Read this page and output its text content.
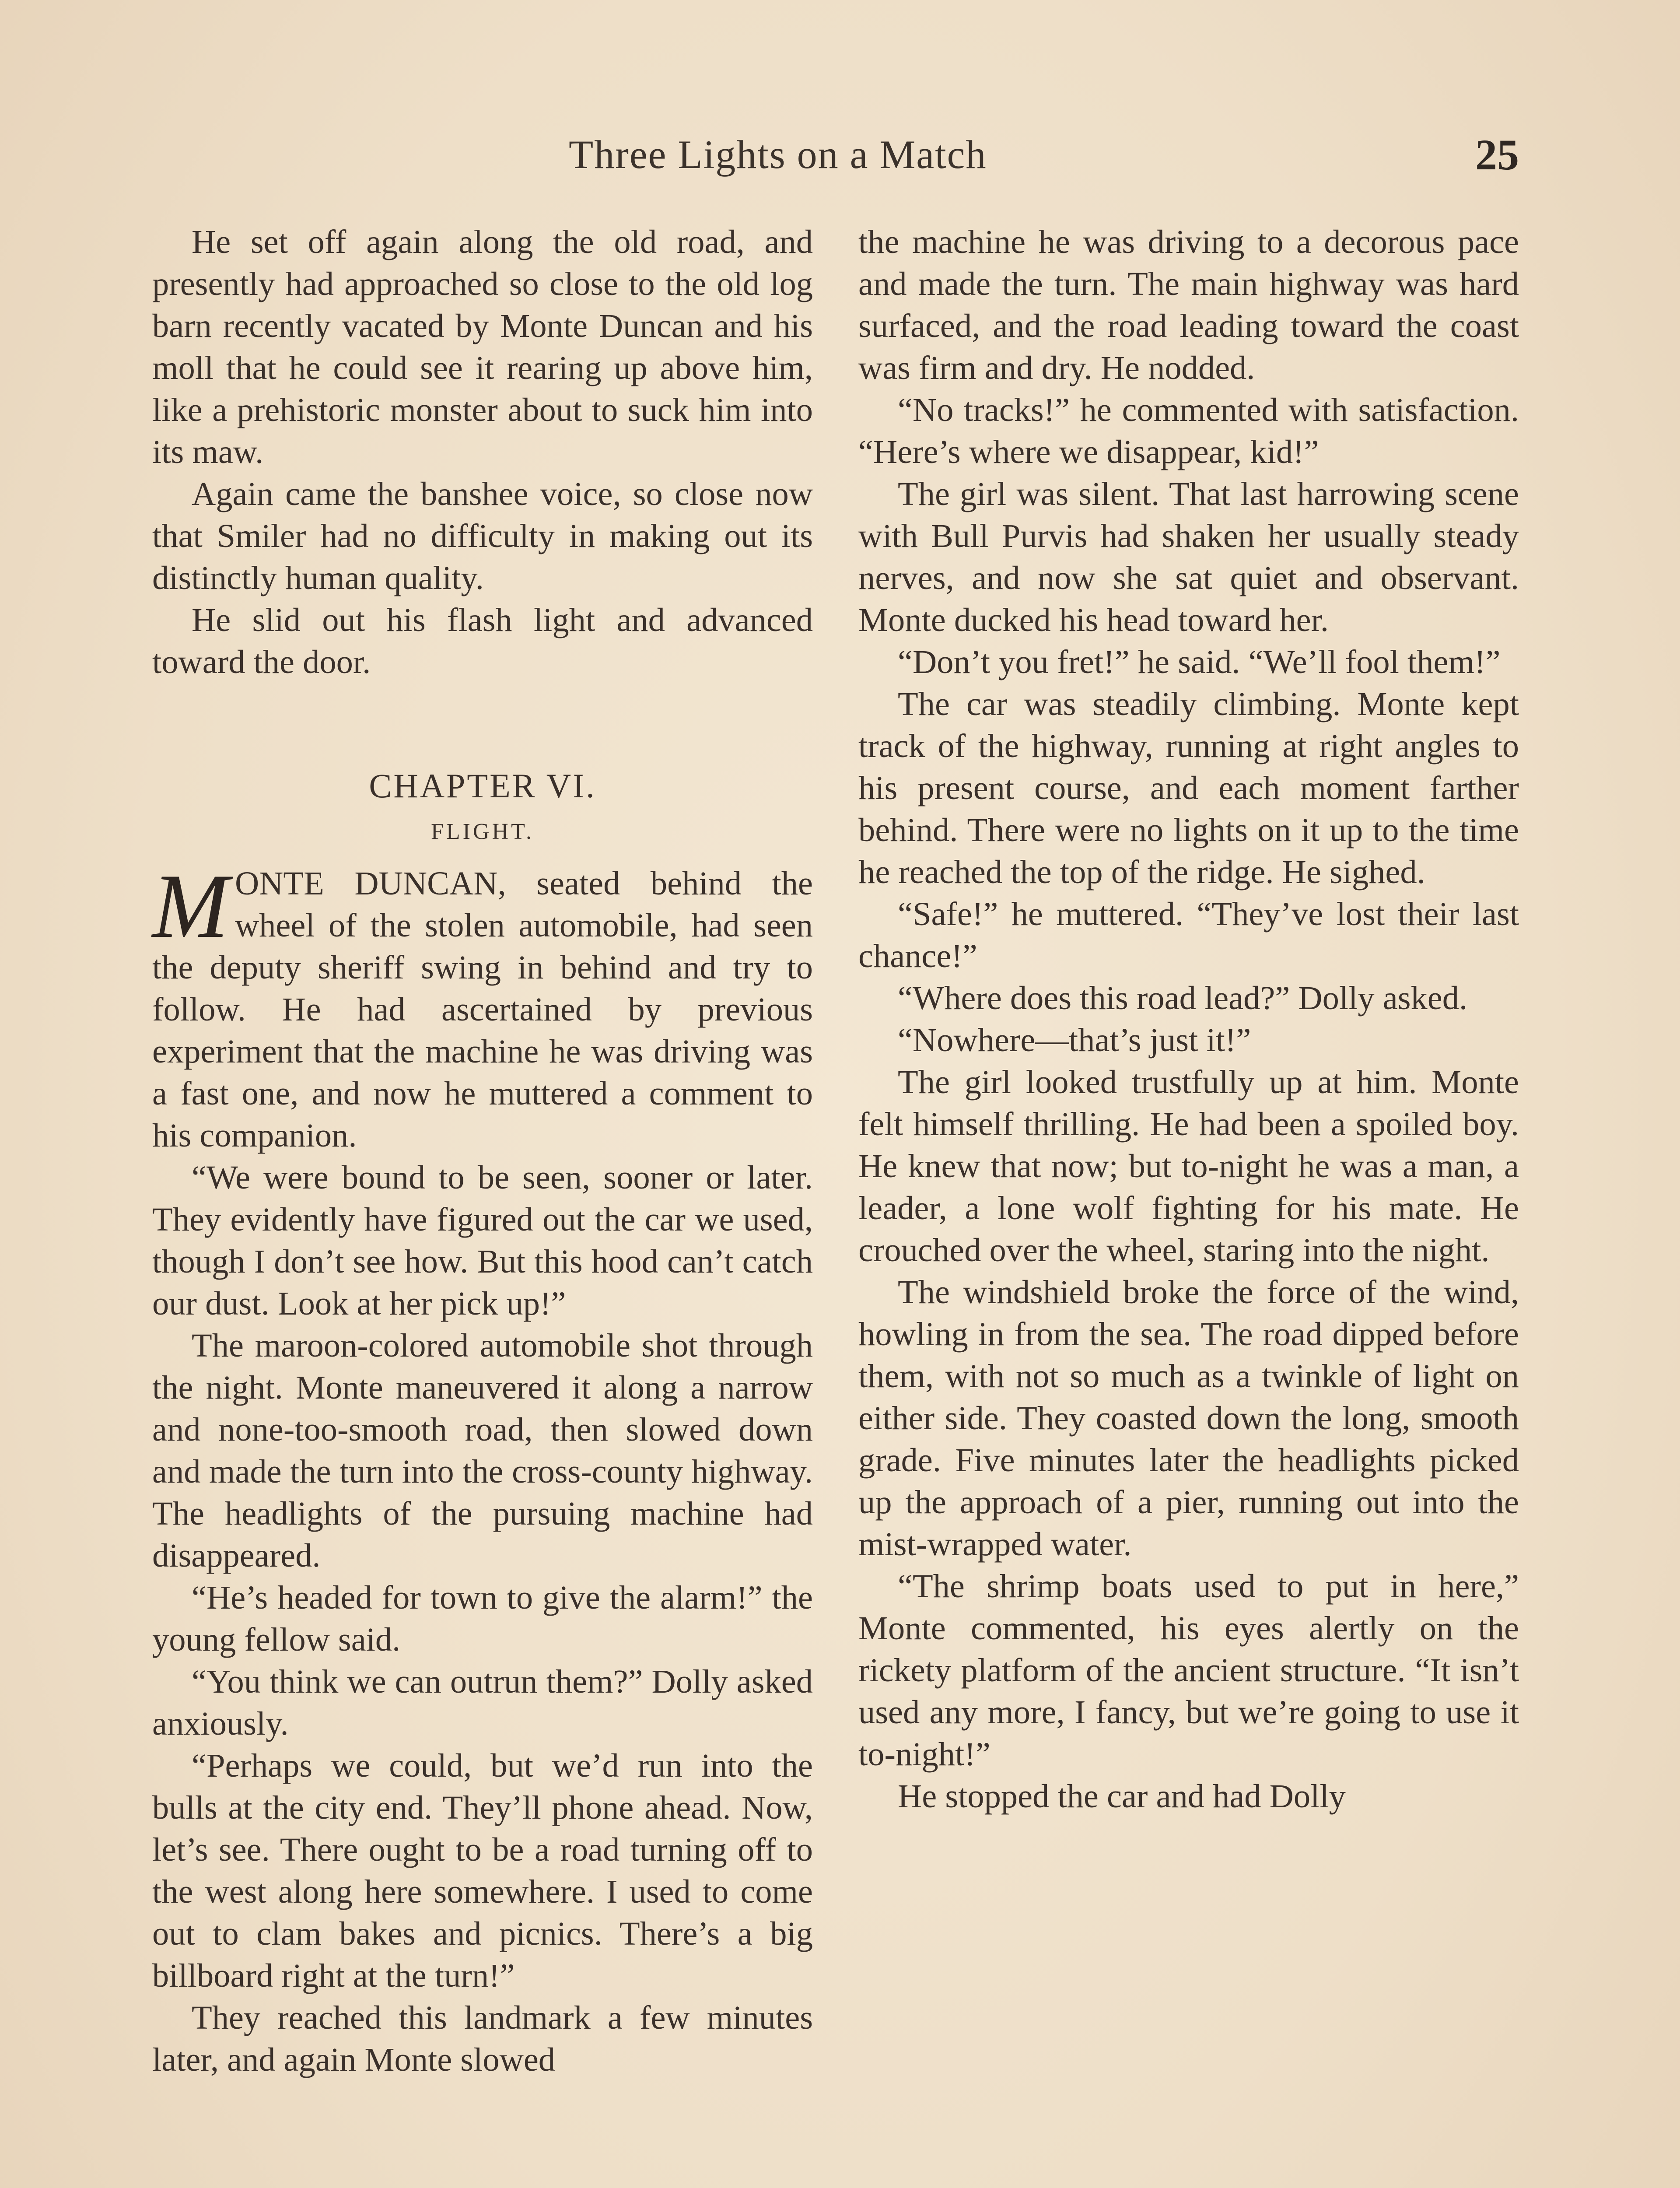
Three Lights on a Match	25

He set off again along the old road, and presently had approached so close to the old log barn recently vacated by Monte Duncan and his moll that he could see it rearing up above him, like a prehistoric monster about to suck him into its maw.

Again came the banshee voice, so close now that Smiler had no difficulty in making out its distinctly human quality.

He slid out his flash light and advanced toward the door.

CHAPTER VI.

FLIGHT.

M ONTE DUNCAN, seated behind the wheel of the stolen automobile, had seen the deputy sheriff swing in behind and try to follow. He had ascertained by previous experiment that the machine he was driving was a fast one, and now he muttered a comment to his companion.

“We were bound to be seen, sooner or later. They evidently have figured out the car we used, though I don’t see how. But this hood can’t catch our dust. Look at her pick up!”

The maroon-colored automobile shot through the night. Monte maneuvered it along a narrow and none-too-smooth road, then slowed down and made the turn into the cross-county highway. The headlights of the pursuing machine had disappeared.

“He’s headed for town to give the alarm!” the young fellow said.

“You think we can outrun them?” Dolly asked anxiously.

“Perhaps we could, but we’d run into the bulls at the city end. They’ll phone ahead. Now, let’s see. There ought to be a road turning off to the west along here somewhere. I used to come out to clam bakes and picnics. There’s a big billboard right at the turn!”

They reached this landmark a few minutes later, and again Monte slowed

the machine he was driving to a decorous pace and made the turn. The main highway was hard surfaced, and the road leading toward the coast was firm and dry. He nodded.

“No tracks!” he commented with satisfaction. “Here’s where we disappear, kid!”

The girl was silent. That last harrowing scene with Bull Purvis had shaken her usually steady nerves, and now she sat quiet and observant. Monte ducked his head toward her.

“Don’t you fret!” he said. “We’ll fool them!”

The car was steadily climbing. Monte kept track of the highway, running at right angles to his present course, and each moment farther behind. There were no lights on it up to the time he reached the top of the ridge. He sighed.

“Safe!” he muttered. “They’ve lost their last chance!”

“Where does this road lead?” Dolly asked.

“Nowhere—that’s just it!”

The girl looked trustfully up at him. Monte felt himself thrilling. He had been a spoiled boy. He knew that now; but to-night he was a man, a leader, a lone wolf fighting for his mate. He crouched over the wheel, staring into the night.

The windshield broke the force of the wind, howling in from the sea. The road dipped before them, with not so much as a twinkle of light on either side. They coasted down the long, smooth grade. Five minutes later the headlights picked up the approach of a pier, running out into the mist-wrapped water.

“The shrimp boats used to put in here,” Monte commented, his eyes alertly on the rickety platform of the ancient structure. “It isn’t used any more, I fancy, but we’re going to use it to-night!”

He stopped the car and had Dolly
